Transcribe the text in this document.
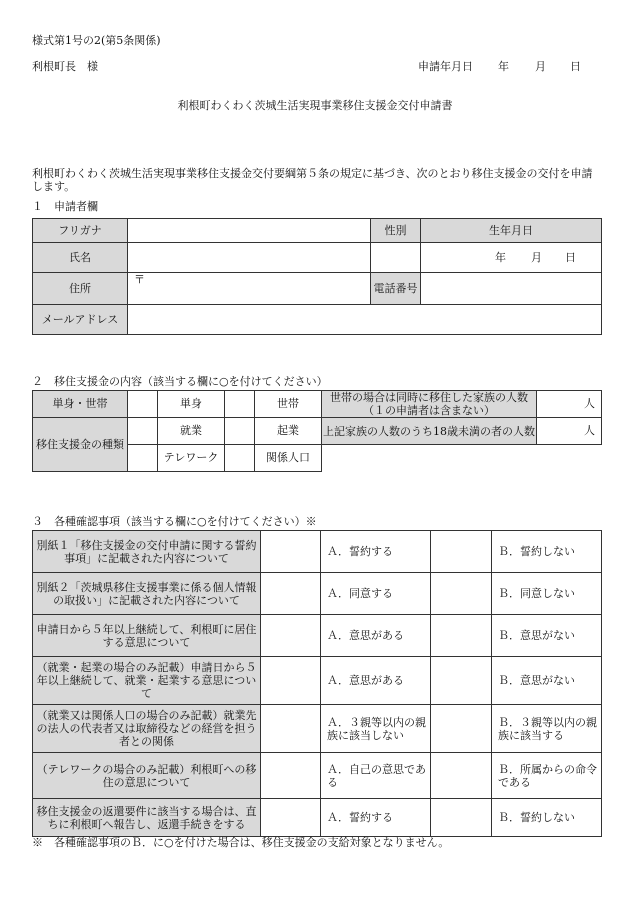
様式第1号の2(第5条関係)
利根町長　様	申請年月日 年 月 日
利根町わくわく茨城生活実現事業移住支援金交付申請書
利根町わくわく茨城生活実現事業移住支援金交付要綱第５条の規定に基づき、次のとおり移住支援金の交付を申請します。
１　申請者欄
フリガナ		性別	生年月日
氏名			年 月 日

住所	〒	電話番号	
メールアドレス			
２　移住支援金の内容（該当する欄に○を付けてください）
単身・世帯		単身		世帯	世帯の場合は同時に移住した家族の人数（１の申請者は含まない）	人
移住支援金の種類		就業		起業	上記家族の人数のうち18歳未満の者の人数	人
		テレワーク		関係人口		
３　各種確認事項（該当する欄に○を付けてください）※
別紙１「移住支援金の交付申請に関する誓約事項」に記載された内容について		Ａ．誓約する		Ｂ．誓約しない
別紙２「茨城県移住支援事業に係る個人情報の取扱い」に記載された内容について		Ａ．同意する		Ｂ．同意しない
申請日から５年以上継続して、利根町に居住する意思について		Ａ．意思がある		Ｂ．意思がない
（就業・起業の場合のみ記載）申請日から５年以上継続して、就業・起業する意思について		Ａ．意思がある		Ｂ．意思がない
（就業又は関係人口の場合のみ記載）就業先の法人の代表者又は取締役などの経営を担う者との関係		Ａ．３親等以内の親族に該当しない		Ｂ．３親等以内の親族に該当する
（テレワークの場合のみ記載）利根町への移住の意思について		Ａ．自己の意思である		Ｂ．所属からの命令である
移住支援金の返還要件に該当する場合は、直ちに利根町へ報告し、返還手続きをする		Ａ．誓約する		Ｂ．誓約しない
※　各種確認事項のＢ．に○を付けた場合は、移住支援金の支給対象となりません。
